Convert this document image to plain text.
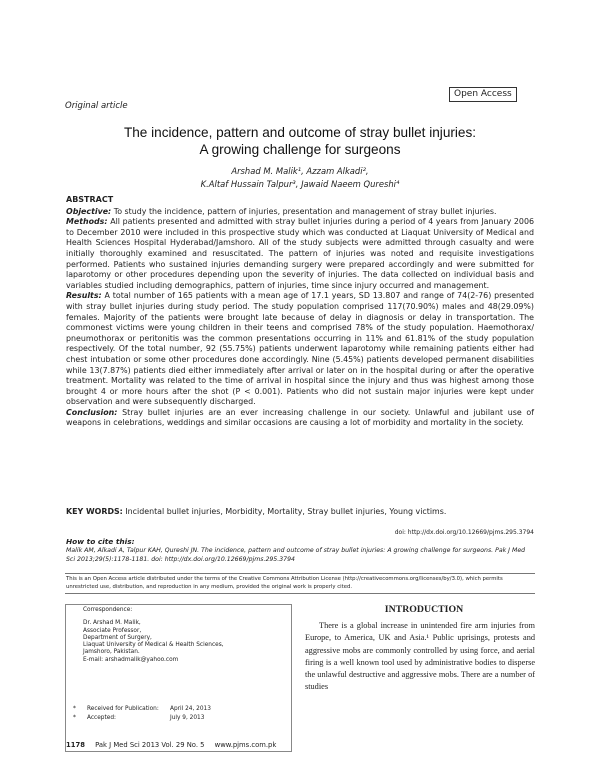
Open Access
Original article
The incidence, pattern and outcome of stray bullet injuries:
A growing challenge for surgeons
Arshad M. Malik¹, Azzam Alkadi²,
K.Altaf Hussain Talpur³, Jawaid Naeem Qureshi⁴

ABSTRACT

Objective: To study the incidence, pattern of injuries, presentation and management of stray bullet injuries.

Methods: All patients presented and admitted with stray bullet injuries during a period of 4 years from January 2006 to December 2010 were included in this prospective study which was conducted at Liaquat University of Medical and Health Sciences Hospital Hyderabad/Jamshoro. All of the study subjects were admitted through casualty and were initially thoroughly examined and resuscitated. The pattern of injuries was noted and requisite investigations performed. Patients who sustained injuries demanding surgery were prepared accordingly and were submitted for laparotomy or other procedures depending upon the severity of injuries. The data collected on individual basis and variables studied including demographics, pattern of injuries, time since injury occurred and management.

Results: A total number of 165 patients with a mean age of 17.1 years, SD 13.807 and range of 74(2-76) presented with stray bullet injuries during study period. The study population comprised 117(70.90%) males and 48(29.09%) females. Majority of the patients were brought late because of delay in diagnosis or delay in transportation. The commonest victims were young children in their teens and comprised 78% of the study population. Haemothorax/ pneumothorax or peritonitis was the common presentations occurring in 11% and 61.81% of the study population respectively. Of the total number, 92 (55.75%) patients underwent laparotomy while remaining patients either had chest intubation or some other procedures done accordingly. Nine (5.45%) patients developed permanent disabilities while 13(7.87%) patients died either immediately after arrival or later on in the hospital during or after the operative treatment. Mortality was related to the time of arrival in hospital since the injury and thus was highest among those brought 4 or more hours after the shot (P < 0.001). Patients who did not sustain major injuries were kept under observation and were subsequently discharged.

Conclusion: Stray bullet injuries are an ever increasing challenge in our society. Unlawful and jubilant use of weapons in celebrations, weddings and similar occasions are causing a lot of morbidity and mortality in the society.

KEY WORDS: Incidental bullet injuries, Morbidity, Mortality, Stray bullet injuries, Young victims.
doi: http://dx.doi.org/10.12669/pjms.295.3794
How to cite this:
Malik AM, Alkadi A, Talpur KAH, Qureshi JN. The incidence, pattern and outcome of stray bullet injuries: A growing challenge for surgeons. Pak J Med Sci 2013;29(5):1178-1181. doi: http://dx.doi.org/10.12669/pjms.295.3794
This is an Open Access article distributed under the terms of the Creative Commons Attribution License (http://creativecommons.org/licenses/by/3.0), which permits unrestricted use, distribution, and reproduction in any medium, provided the original work is properly cited.
Correspondence:
Dr. Arshad M. Malik,
Associate Professor,
Department of Surgery,
Liaquat University of Medical & Health Sciences,
Jamshoro, Pakistan.
E-mail: arshadmalik@yahoo.com
*	Received for Publication:	April 24, 2013
*	Accepted:	July 9, 2013
INTRODUCTION

There is a global increase in unintended fire arm injuries from Europe, to America, UK and Asia.¹ Public uprisings, protests and aggressive mobs are commonly controlled by using force, and aerial firing is a well known tool used by administrative bodies to disperse the unlawful destructive and aggressive mobs. There are a number of studies

1178 Pak J Med Sci 2013 Vol. 29 No. 5 www.pjms.com.pk
